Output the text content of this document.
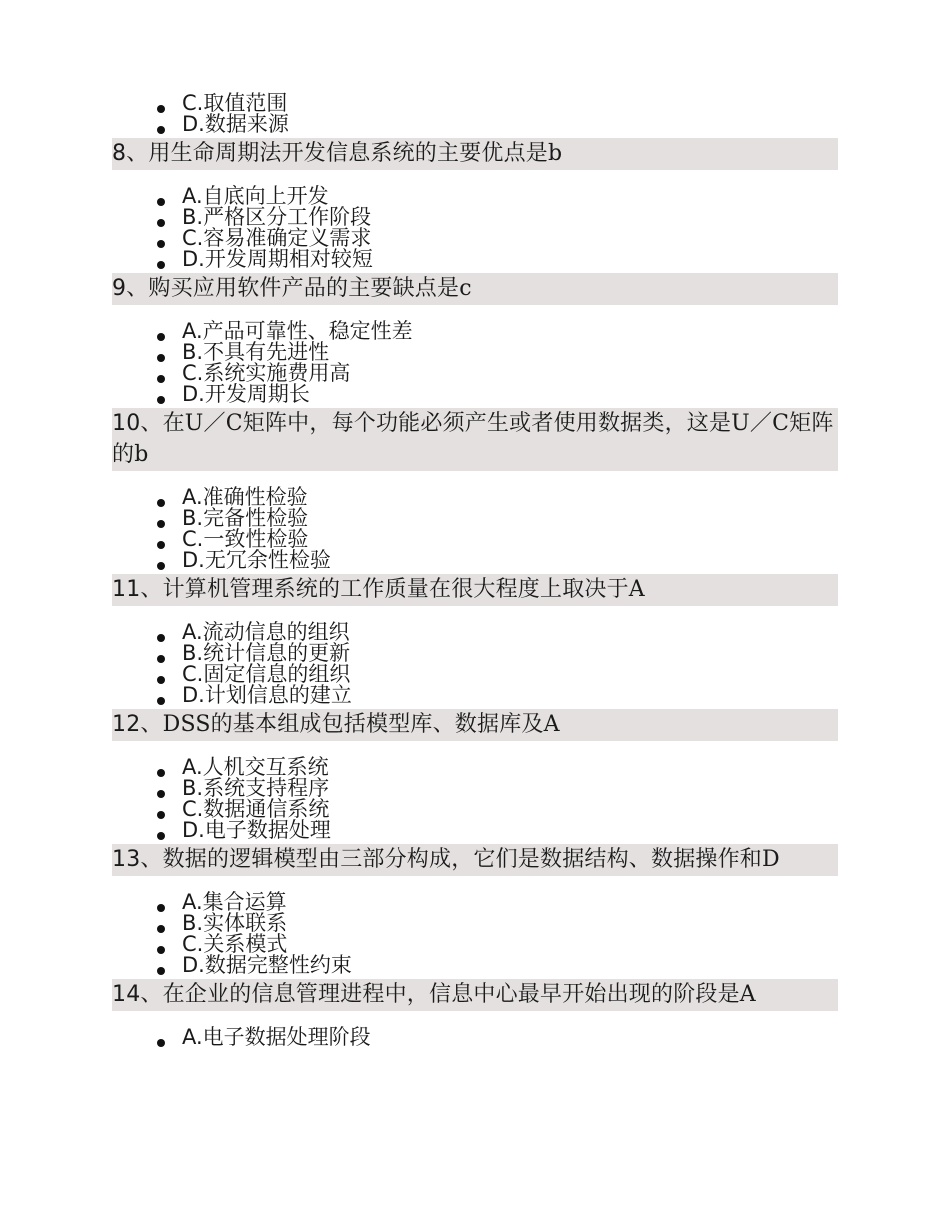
C.取值范围
D.数据来源
8、用生命周期法开发信息系统的主要优点是b
A.自底向上开发
B.严格区分工作阶段
C.容易准确定义需求
D.开发周期相对较短
9、购买应用软件产品的主要缺点是c
A.产品可靠性、稳定性差
B.不具有先进性
C.系统实施费用高
D.开发周期长
10、在U／C矩阵中，每个功能必须产生或者使用数据类，这是U／C矩阵的b
A.准确性检验
B.完备性检验
C.一致性检验
D.无冗余性检验
11、计算机管理系统的工作质量在很大程度上取决于A
A.流动信息的组织
B.统计信息的更新
C.固定信息的组织
D.计划信息的建立
12、DSS的基本组成包括模型库、数据库及A
A.人机交互系统
B.系统支持程序
C.数据通信系统
D.电子数据处理
13、数据的逻辑模型由三部分构成，它们是数据结构、数据操作和D
A.集合运算
B.实体联系
C.关系模式
D.数据完整性约束
14、在企业的信息管理进程中，信息中心最早开始出现的阶段是A
A.电子数据处理阶段
